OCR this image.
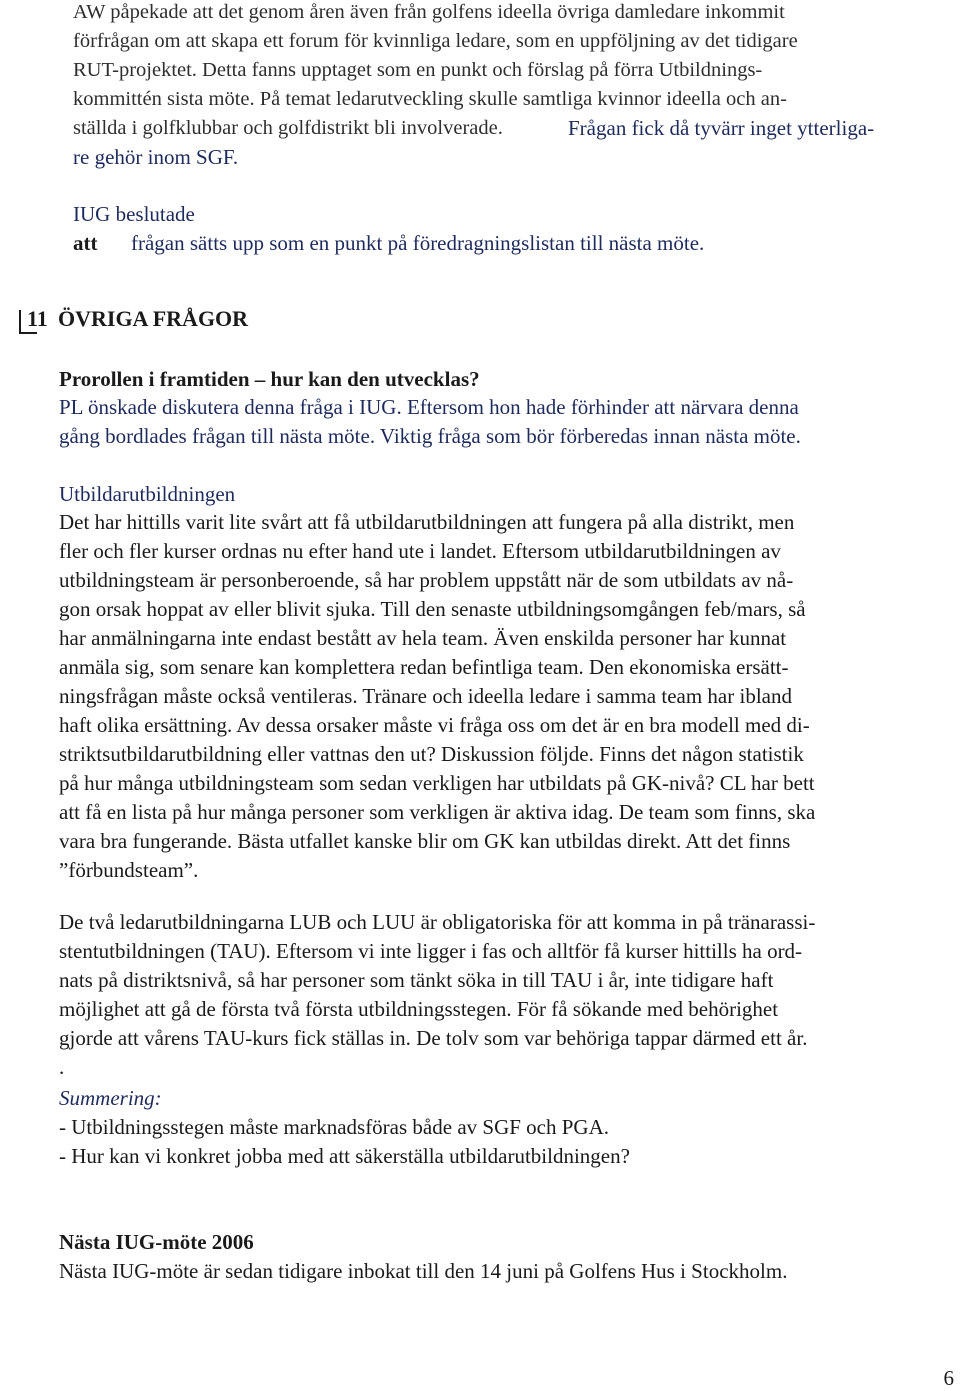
AW påpekade att det genom åren även från golfens ideella övriga damledare inkommit
förfrågan om att skapa ett forum för kvinnliga ledare, som en uppföljning av det tidigare
RUT-projektet. Detta fanns upptaget som en punkt och förslag på förra Utbildnings-
kommittén sista möte. På temat ledarutveckling skulle samtliga kvinnor ideella och an-
ställda i golfklubbar och golfdistrikt bli involverade.	Frågan fick då tyvärr inget ytterliga-
re gehör inom SGF.
IUG beslutade
att frågan sätts upp som en punkt på föredragningslistan till nästa möte.
11 ÖVRIGA FRÅGOR
Prorollen i framtiden – hur kan den utvecklas?
PL önskade diskutera denna fråga i IUG. Eftersom hon hade förhinder att närvara denna
gång bordlades frågan till nästa möte. Viktig fråga som bör förberedas innan nästa möte.
Utbildarutbildningen
Det har hittills varit lite svårt att få utbildarutbildningen att fungera på alla distrikt, men
fler och fler kurser ordnas nu efter hand ute i landet. Eftersom utbildarutbildningen av
utbildningsteam är personberoende, så har problem uppstått när de som utbildats av nå-
gon orsak hoppat av eller blivit sjuka. Till den senaste utbildningsomgången feb/mars, så
har anmälningarna inte endast bestått av hela team. Även enskilda personer har kunnat
anmäla sig, som senare kan komplettera redan befintliga team. Den ekonomiska ersätt-
ningsfrågan måste också ventileras. Tränare och ideella ledare i samma team har ibland
haft olika ersättning. Av dessa orsaker måste vi fråga oss om det är en bra modell med di-
striktsutbildarutbildning eller vattnas den ut? Diskussion följde. Finns det någon statistik
på hur många utbildningsteam som sedan verkligen har utbildats på GK-nivå? CL har bett
att få en lista på hur många personer som verkligen är aktiva idag. De team som finns, ska
vara bra fungerande. Bästa utfallet kanske blir om GK kan utbildas direkt. Att det finns
”förbundsteam”.
De två ledarutbildningarna LUB och LUU är obligatoriska för att komma in på tränarassi-
stentutbildningen (TAU). Eftersom vi inte ligger i fas och alltför få kurser hittills ha ord-
nats på distriktsnivå, så har personer som tänkt söka in till TAU i år, inte tidigare haft
möjlighet att gå de första två första utbildningsstegen. För få sökande med behörighet
gjorde att vårens TAU-kurs fick ställas in. De tolv som var behöriga tappar därmed ett år.
.
Summering:
- Utbildningsstegen måste marknadsföras både av SGF och PGA.
- Hur kan vi konkret jobba med att säkerställa utbildarutbildningen?
Nästa IUG-möte 2006
Nästa IUG-möte är sedan tidigare inbokat till den 14 juni på Golfens Hus i Stockholm.
6
